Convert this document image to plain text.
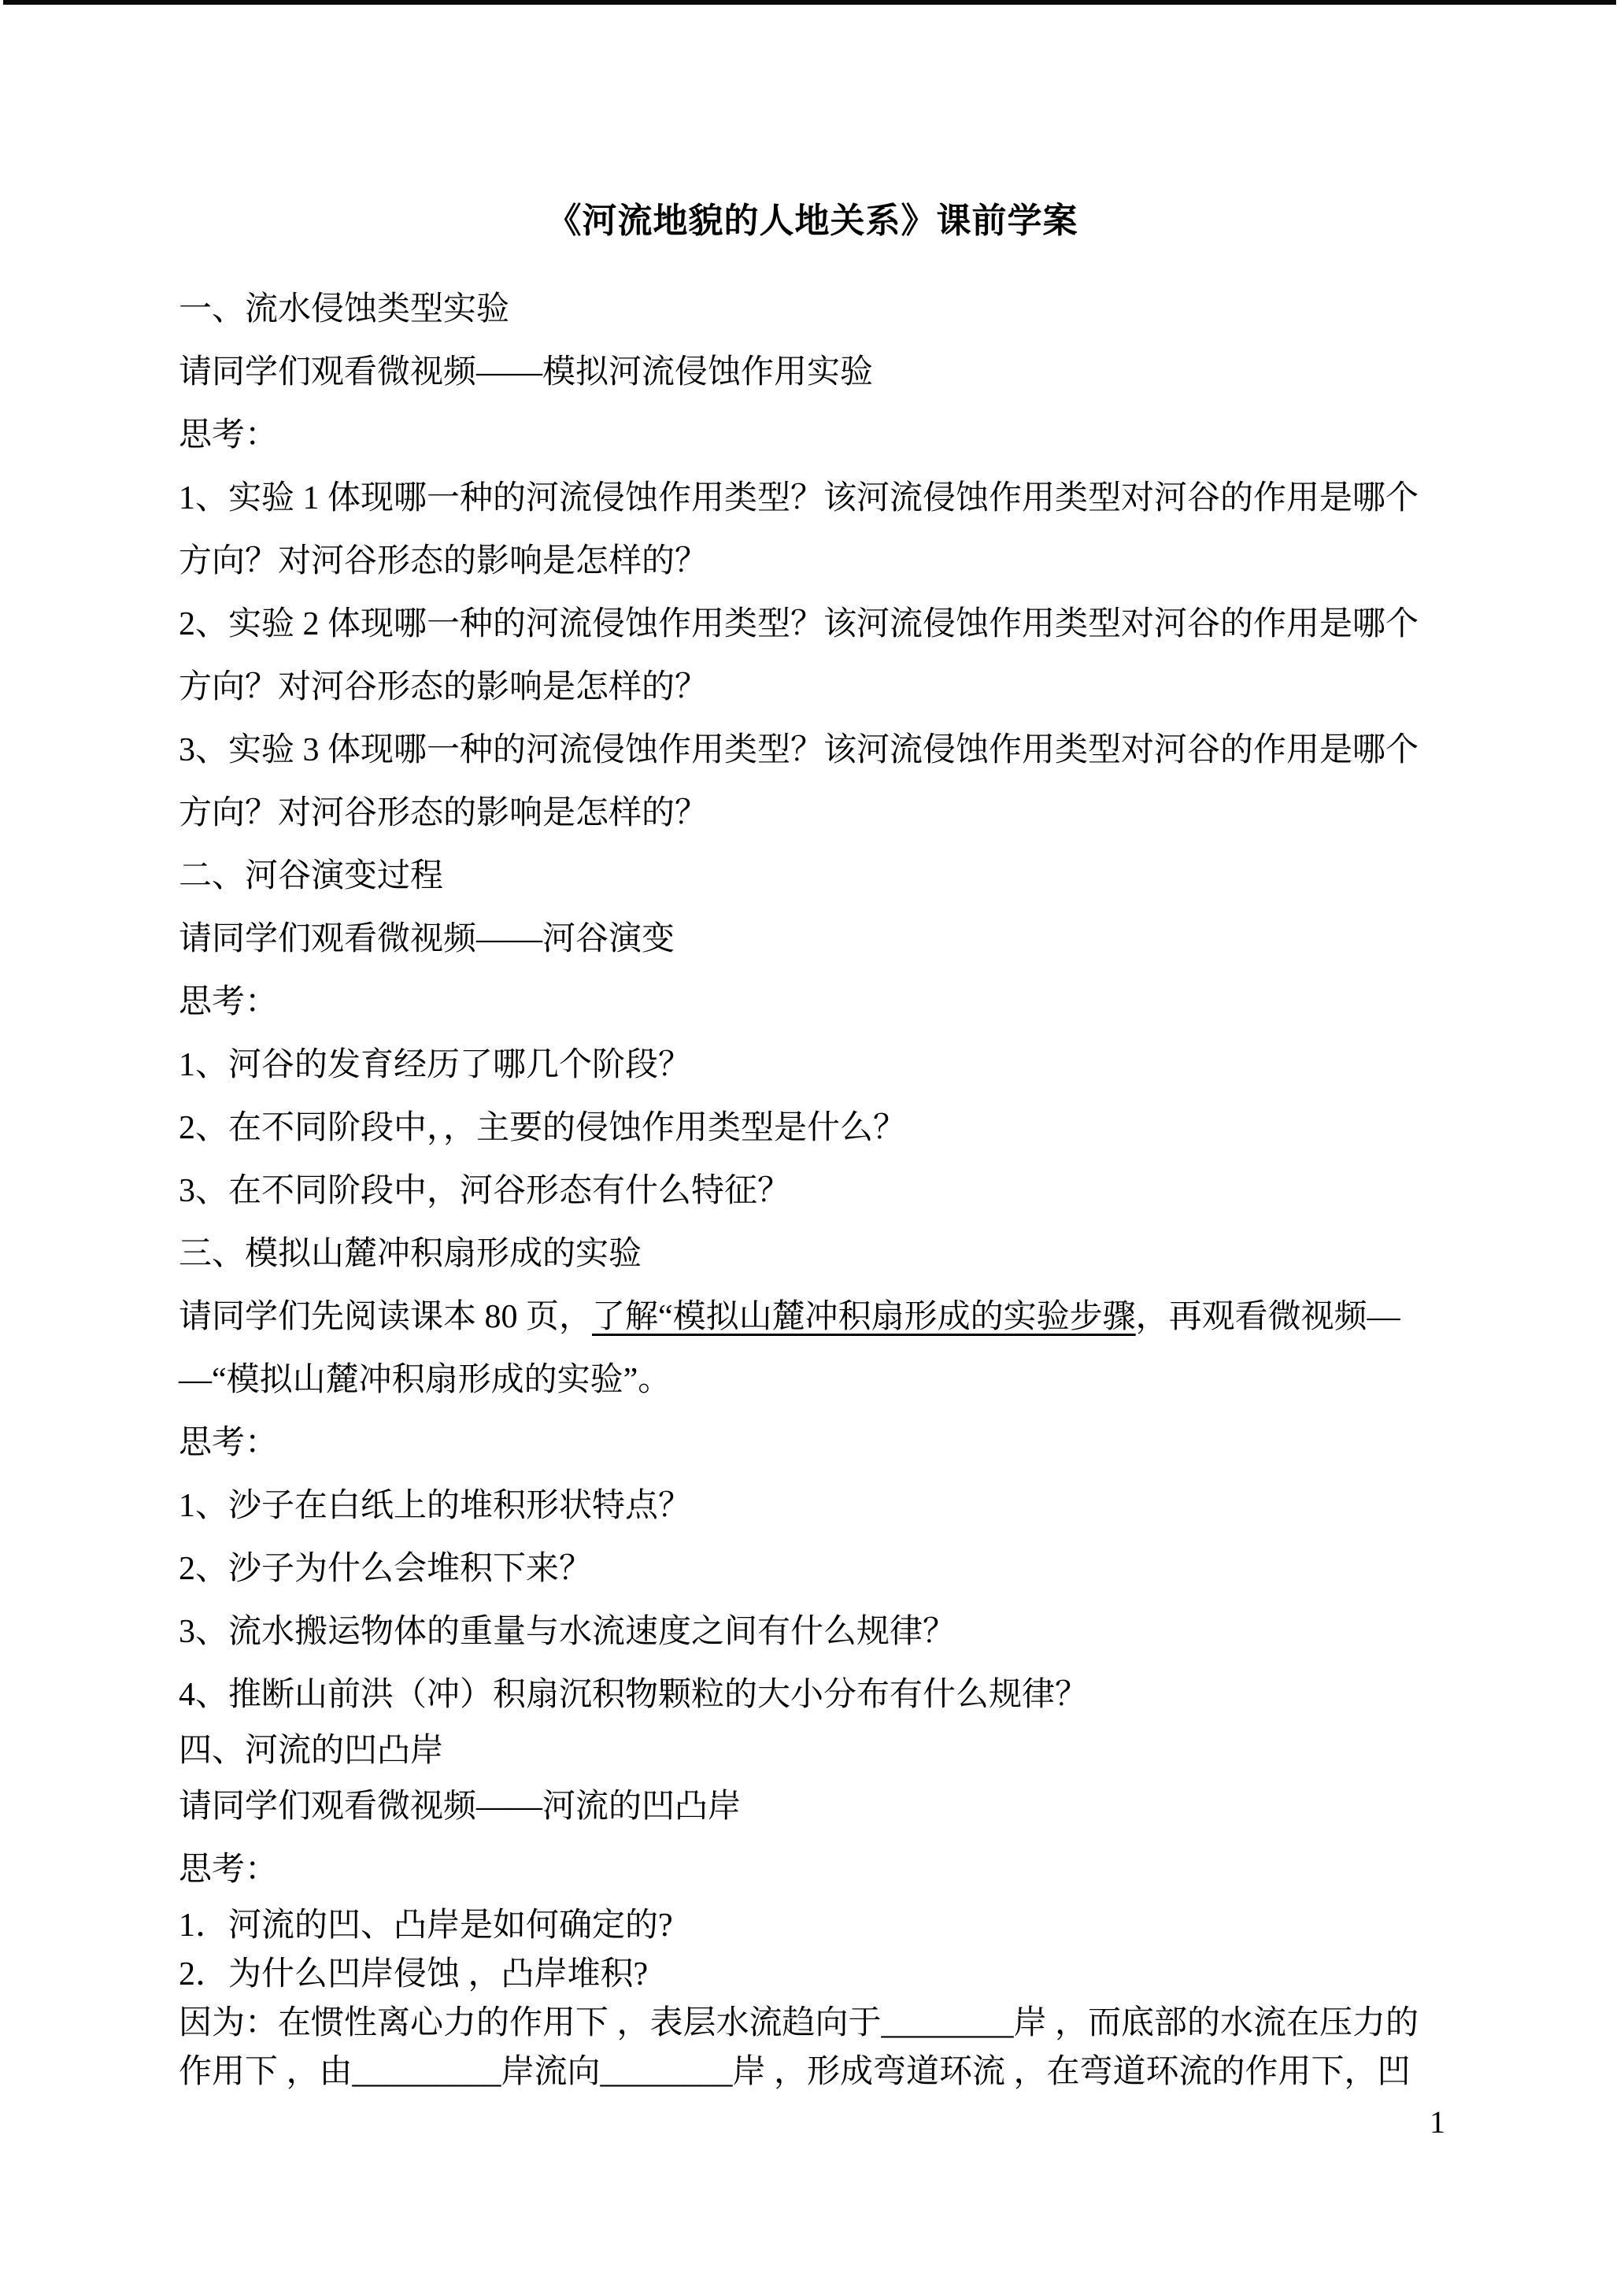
《河流地貌的人地关系》课前学案
一、流水侵蚀类型实验
请同学们观看微视频——模拟河流侵蚀作用实验
思考：
1、实验 1 体现哪一种的河流侵蚀作用类型？该河流侵蚀作用类型对河谷的作用是哪个
方向？对河谷形态的影响是怎样的？
2、实验 2 体现哪一种的河流侵蚀作用类型？该河流侵蚀作用类型对河谷的作用是哪个
方向？对河谷形态的影响是怎样的？
3、实验 3 体现哪一种的河流侵蚀作用类型？该河流侵蚀作用类型对河谷的作用是哪个
方向？对河谷形态的影响是怎样的？
二、河谷演变过程
请同学们观看微视频——河谷演变
思考：
1、河谷的发育经历了哪几个阶段？
2、在不同阶段中，，主要的侵蚀作用类型是什么？
3、在不同阶段中，河谷形态有什么特征？
三、模拟山麓冲积扇形成的实验
请同学们先阅读课本 80 页，了解“模拟山麓冲积扇形成的实验步骤，再观看微视频—
—“模拟山麓冲积扇形成的实验”。
思考：
1、沙子在白纸上的堆积形状特点？
2、沙子为什么会堆积下来？
3、流水搬运物体的重量与水流速度之间有什么规律？
4、推断山前洪（冲）积扇沉积物颗粒的大小分布有什么规律？
四、河流的凹凸岸
请同学们观看微视频——河流的凹凸岸
思考：
1．河流的凹、凸岸是如何确定的?
2．为什么凹岸侵蚀 ，凸岸堆积?
因为：在惯性离心力的作用下 ，表层水流趋向于________岸 ，而底部的水流在压力的
作用下 ，由_________岸流向________岸 ，形成弯道环流 ，在弯道环流的作用下，凹
1
